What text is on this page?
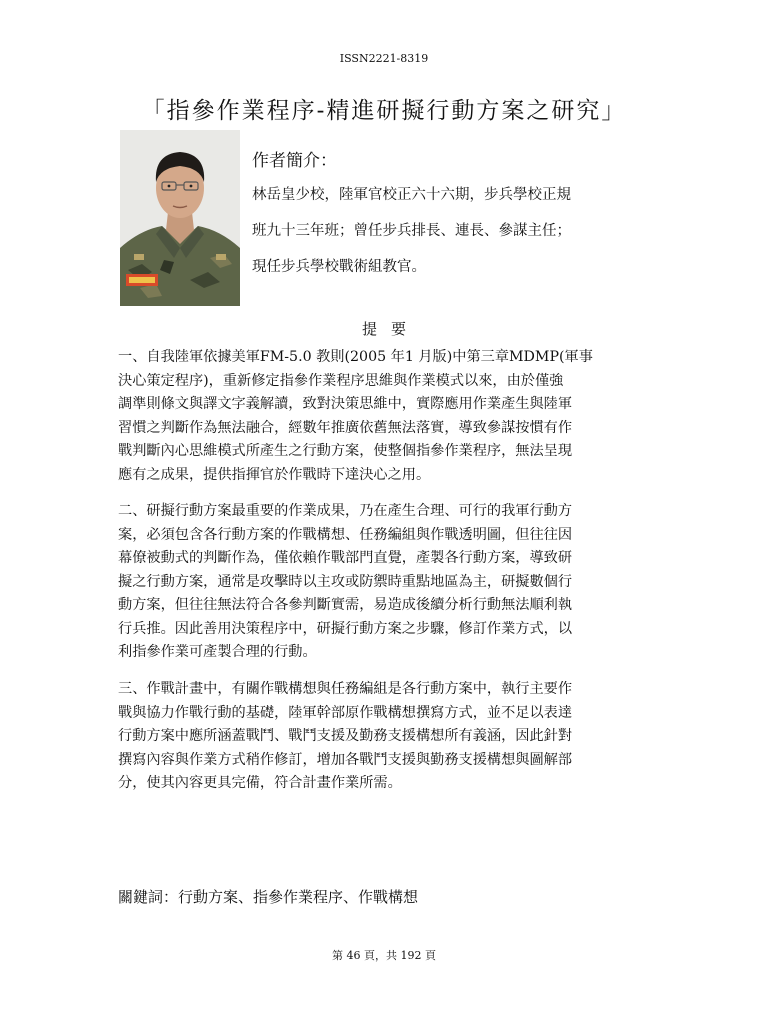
ISSN2221-8319
「指參作業程序-精進研擬行動方案之研究」
作者簡介：
林岳皇少校，陸軍官校正六十六期，步兵學校正規
班九十三年班；曾任步兵排長、連長、參謀主任；
現任步兵學校戰術組教官。
提要
一、自我陸軍依據美軍FM-5.0 教則(2005 年1 月版)中第三章MDMP(軍事
決心策定程序)，重新修定指參作業程序思維與作業模式以來，由於僅強
調準則條文與譯文字義解讀，致對決策思維中，實際應用作業產生與陸軍
習慣之判斷作為無法融合，經數年推廣依舊無法落實，導致參謀按慣有作
戰判斷內心思維模式所產生之行動方案，使整個指參作業程序，無法呈現
應有之成果，提供指揮官於作戰時下達決心之用。
二、研擬行動方案最重要的作業成果，乃在產生合理、可行的我軍行動方
案，必須包含各行動方案的作戰構想、任務編組與作戰透明圖，但往往因
幕僚被動式的判斷作為，僅依賴作戰部門直覺，產製各行動方案，導致研
擬之行動方案，通常是攻擊時以主攻或防禦時重點地區為主，研擬數個行
動方案，但往往無法符合各參判斷實需，易造成後續分析行動無法順利執
行兵推。因此善用決策程序中，研擬行動方案之步驟，修訂作業方式，以
利指參作業可產製合理的行動。
三、作戰計畫中，有關作戰構想與任務編組是各行動方案中，執行主要作
戰與協力作戰行動的基礎，陸軍幹部原作戰構想撰寫方式，並不足以表達
行動方案中應所涵蓋戰鬥、戰鬥支援及勤務支援構想所有義涵，因此針對
撰寫內容與作業方式稍作修訂，增加各戰鬥支援與勤務支援構想與圖解部
分，使其內容更具完備，符合計畫作業所需。
關鍵詞：行動方案、指參作業程序、作戰構想
第 46 頁，共 192 頁
